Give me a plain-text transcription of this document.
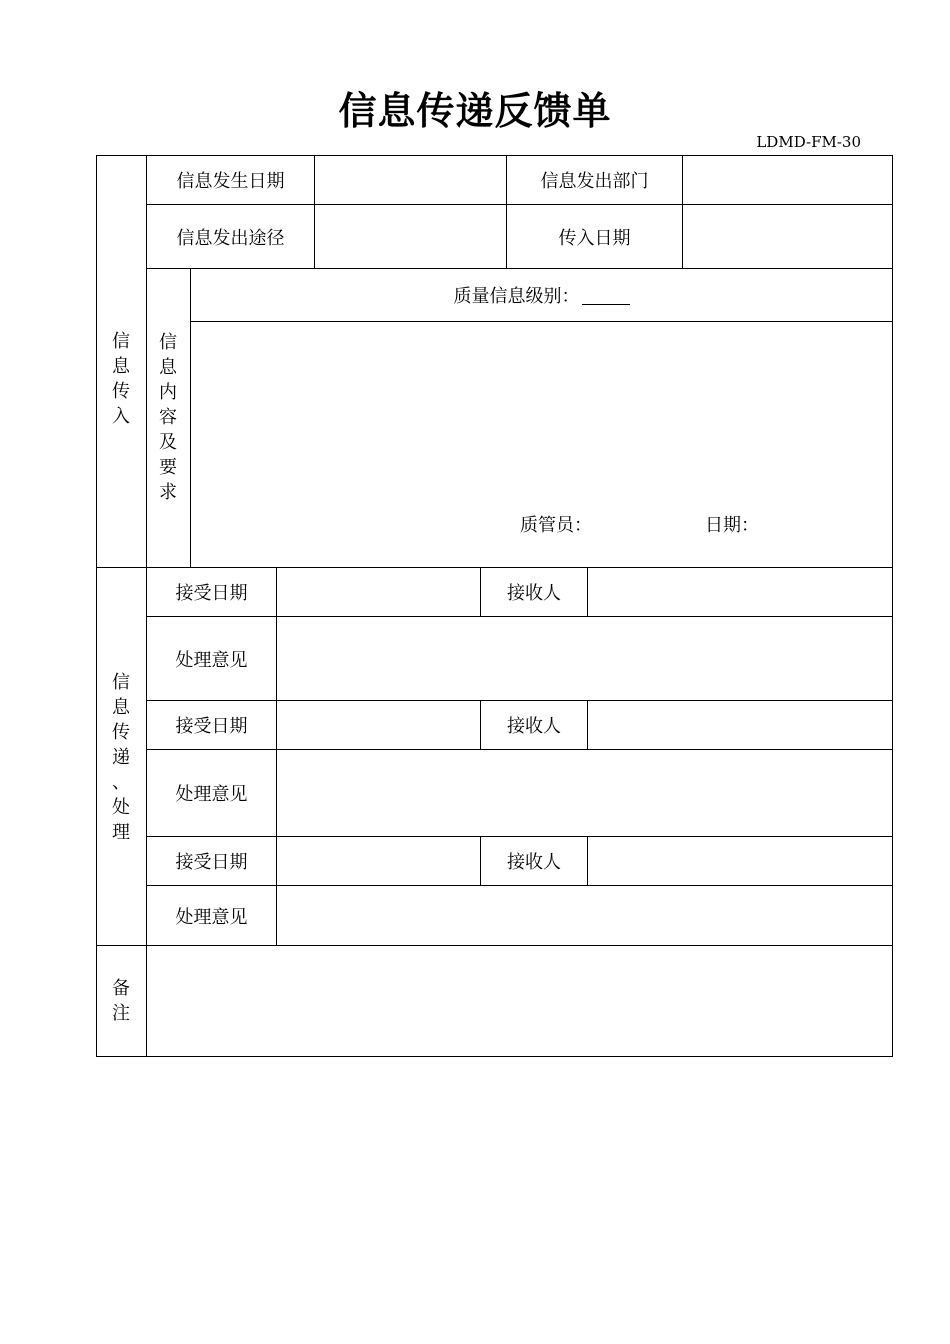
信息传递反馈单
LDMD-FM-30
信
息
传
入
信息发生日期	信息发出部门
信息发出途径	传入日期
信
息
内
容
及
要
求
质量信息级别：
质管员：	日期：
信
息
传
递
、
处
理
接受日期	接收人
处理意见
接受日期	接收人
处理意见
接受日期	接收人
处理意见
备
注
